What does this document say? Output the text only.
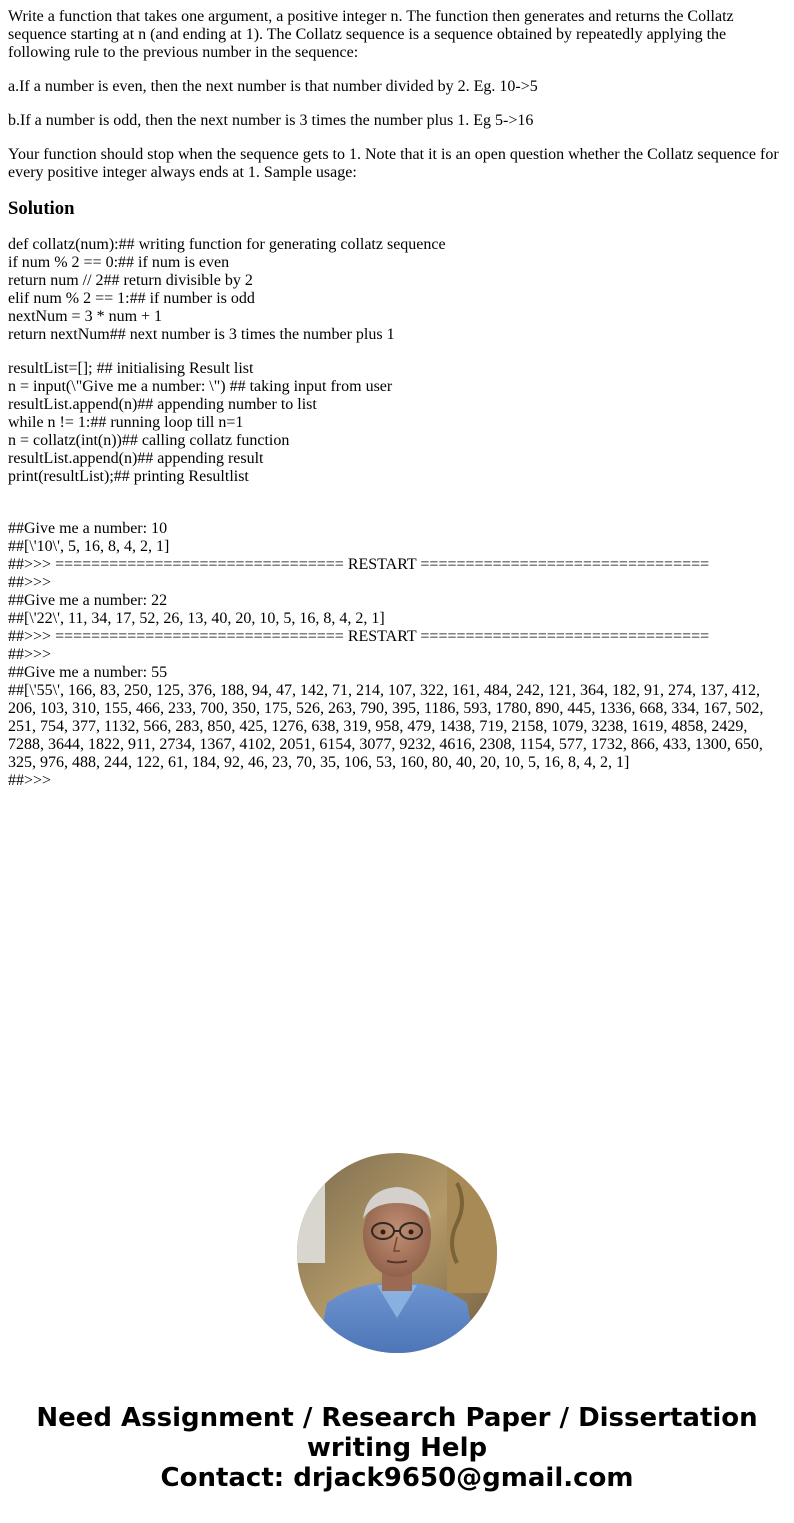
Write a function that takes one argument, a positive integer n. The function then generates and returns the Collatz sequence starting at n (and ending at 1). The Collatz sequence is a sequence obtained by repeatedly applying the following rule to the previous number in the sequence:

a.If a number is even, then the next number is that number divided by 2. Eg. 10->5

b.If a number is odd, then the next number is 3 times the number plus 1. Eg 5->16

Your function should stop when the sequence gets to 1. Note that it is an open question whether the Collatz sequence for every positive integer always ends at 1. Sample usage:

Solution
def collatz(num):## writing function for generating collatz sequence
if num % 2 == 0:## if num is even
return num // 2## return divisible by 2
elif num % 2 == 1:## if number is odd
nextNum = 3 * num + 1
return nextNum## next number is 3 times the number plus 1
resultList=[]; ## initialising Result list
n = input(\"Give me a number: \") ## taking input from user
resultList.append(n)## appending number to list
while n != 1:## running loop till n=1
n = collatz(int(n))## calling collatz function
resultList.append(n)## appending result
print(resultList);## printing Resultlist
##Give me a number: 10
##[\'10\', 5, 16, 8, 4, 2, 1]
##>>> ================================ RESTART ================================
##>>>
##Give me a number: 22
##[\'22\', 11, 34, 17, 52, 26, 13, 40, 20, 10, 5, 16, 8, 4, 2, 1]
##>>> ================================ RESTART ================================
##>>>
##Give me a number: 55
##[\'55\', 166, 83, 250, 125, 376, 188, 94, 47, 142, 71, 214, 107, 322, 161, 484, 242, 121, 364, 182, 91, 274, 137, 412, 206, 103, 310, 155, 466, 233, 700, 350, 175, 526, 263, 790, 395, 1186, 593, 1780, 890, 445, 1336, 668, 334, 167, 502, 251, 754, 377, 1132, 566, 283, 850, 425, 1276, 638, 319, 958, 479, 1438, 719, 2158, 1079, 3238, 1619, 4858, 2429, 7288, 3644, 1822, 911, 2734, 1367, 4102, 2051, 6154, 3077, 9232, 4616, 2308, 1154, 577, 1732, 866, 433, 1300, 650, 325, 976, 488, 244, 122, 61, 184, 92, 46, 23, 70, 35, 106, 53, 160, 80, 40, 20, 10, 5, 16, 8, 4, 2, 1]
##>>>
Need Assignment / Research Paper / Dissertation
writing Help
Contact: drjack9650@gmail.com
